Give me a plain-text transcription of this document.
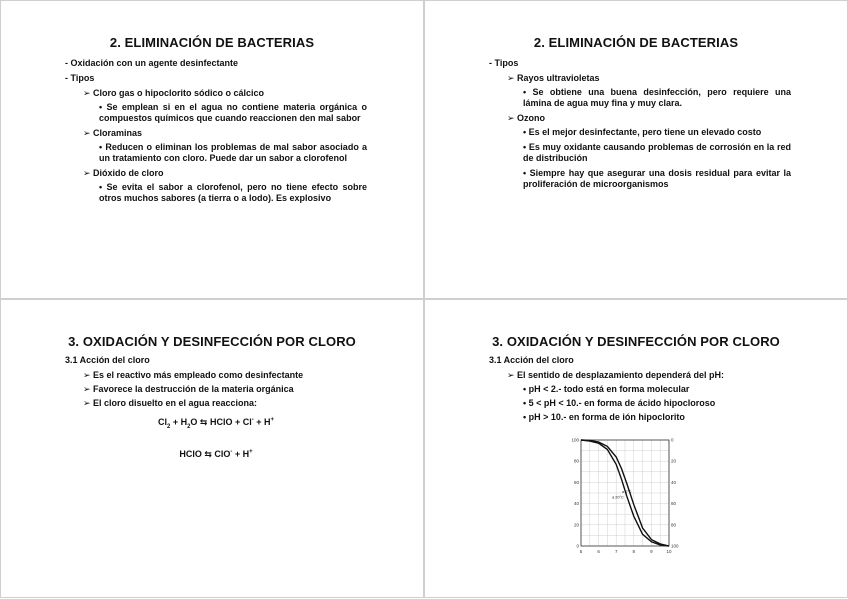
2. ELIMINACIÓN DE BACTERIAS
- Oxidación con un agente desinfectante
- Tipos
➢ Cloro gas o hipoclorito sódico o cálcico
• Se emplean si en el agua no contiene materia orgánica o compuestos químicos que cuando reaccionen den mal sabor
➢ Cloraminas
• Reducen o eliminan los problemas de mal sabor asociado a un tratamiento con cloro. Puede dar un sabor a clorofenol
➢ Dióxido de cloro
• Se evita el sabor a clorofenol, pero no tiene efecto sobre otros muchos sabores (a tierra o a lodo). Es explosivo
2. ELIMINACIÓN DE BACTERIAS
- Tipos
➢ Rayos ultravioletas
• Se obtiene una buena desinfección, pero requiere una lámina de agua muy fina y muy clara.
➢ Ozono
• Es el mejor desinfectante, pero tiene un elevado costo
• Es muy oxidante causando problemas de corrosión en la red de distribución
• Siempre hay que asegurar una dosis residual para evitar la proliferación de microorganismos
3. OXIDACIÓN Y DESINFECCIÓN POR CLORO
3.1 Acción del cloro
➢ Es el reactivo más empleado como desinfectante
➢ Favorece la destrucción de la materia orgánica
➢ El cloro disuelto en el agua reacciona:
$Cl_2 + H_2O$ ⇆ HClO + Cl- + H+
HClO ⇆ ClO- + H+
3. OXIDACIÓN Y DESINFECCIÓN POR CLORO
3.1 Acción del cloro
➢ El sentido de desplazamiento dependerá del pH:
• pH < 2.- todo está en forma molecular
• 5 < pH < 10.- en forma de ácido hipocloroso
• pH > 10.- en forma de ión hipoclorito
5	6	7	8	9	10
100
80
60
40
20
0
0
20
40
60
80
100
a 20°C
a 0°C
